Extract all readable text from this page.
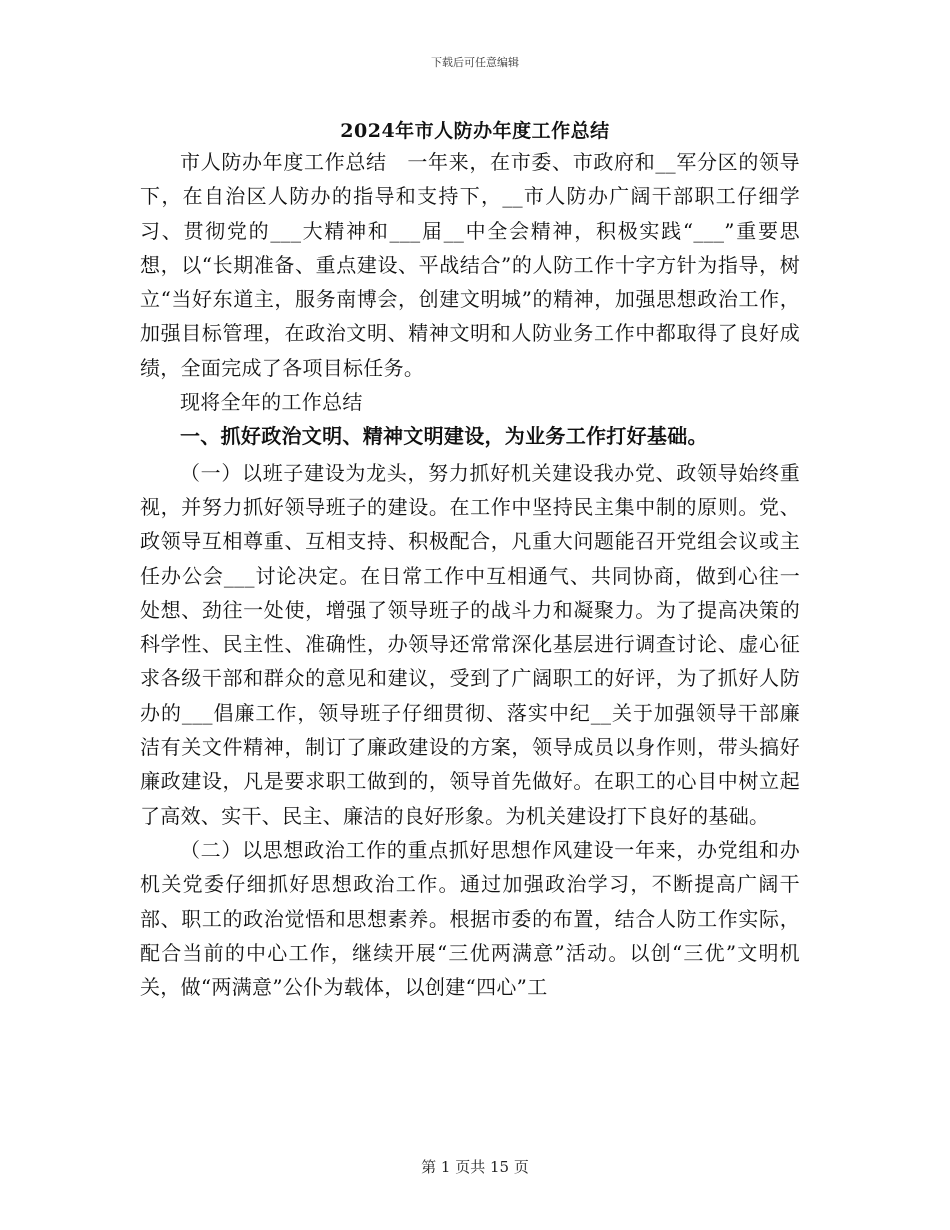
下载后可任意编辑
2024年市人防办年度工作总结

市人防办年度工作总结　一年来，在市委、市政府和__军分区的领导下，在自治区人防办的指导和支持下，__市人防办广阔干部职工仔细学习、贯彻党的___大精神和___届__中全会精神，积极实践“___”重要思想，以“长期准备、重点建设、平战结合”的人防工作十字方针为指导，树立“当好东道主，服务南博会，创建文明城”的精神，加强思想政治工作，加强目标管理，在政治文明、精神文明和人防业务工作中都取得了良好成绩，全面完成了各项目标任务。

现将全年的工作总结

一、抓好政治文明、精神文明建设，为业务工作打好基础。

（一）以班子建设为龙头，努力抓好机关建设我办党、政领导始终重视，并努力抓好领导班子的建设。在工作中坚持民主集中制的原则。党、政领导互相尊重、互相支持、积极配合，凡重大问题能召开党组会议或主任办公会___讨论决定。在日常工作中互相通气、共同协商，做到心往一处想、劲往一处使，增强了领导班子的战斗力和凝聚力。为了提高决策的科学性、民主性、准确性，办领导还常常深化基层进行调查讨论、虚心征求各级干部和群众的意见和建议，受到了广阔职工的好评，为了抓好人防办的___倡廉工作，领导班子仔细贯彻、落实中纪__关于加强领导干部廉洁有关文件精神，制订了廉政建设的方案，领导成员以身作则，带头搞好廉政建设，凡是要求职工做到的，领导首先做好。在职工的心目中树立起了高效、实干、民主、廉洁的良好形象。为机关建设打下良好的基础。

（二）以思想政治工作的重点抓好思想作风建设一年来，办党组和办机关党委仔细抓好思想政治工作。通过加强政治学习，不断提高广阔干部、职工的政治觉悟和思想素养。根据市委的布置，结合人防工作实际，配合当前的中心工作，继续开展“三优两满意”活动。以创“三优”文明机关，做“两满意”公仆为载体，以创建“四心”工

第 1 页共 15 页
